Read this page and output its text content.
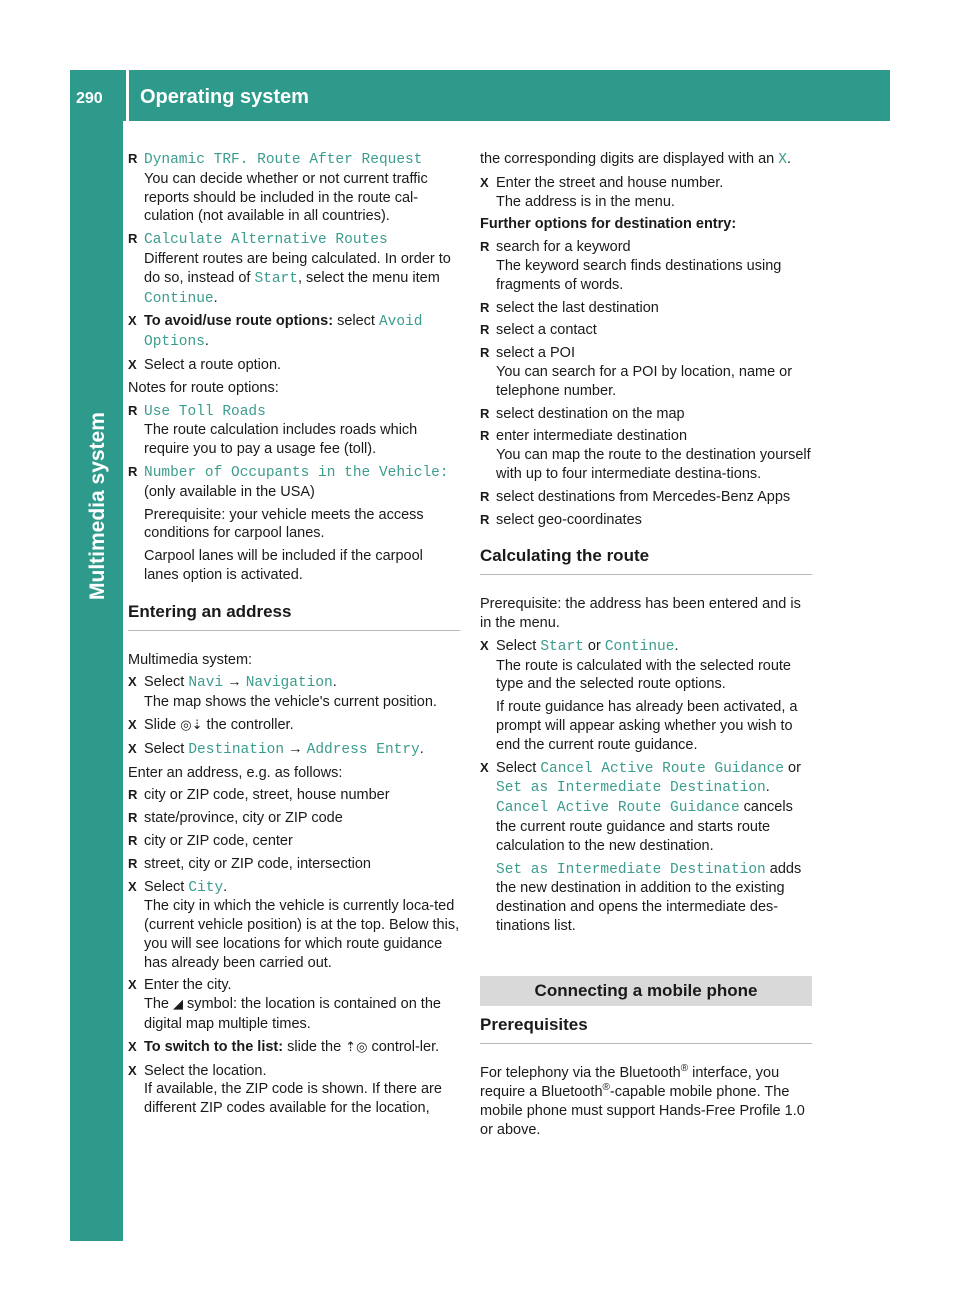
290	Operating system
Multimedia system
R Dynamic TRF. Route After Request
You can decide whether or not current traffic reports should be included in the route cal-culation (not available in all countries).
R Calculate Alternative Routes
Different routes are being calculated. In order to do so, instead of Start, select the menu item Continue.
X To avoid/use route options: select Avoid Options.
X Select a route option.

Notes for route options:

R Use Toll Roads
The route calculation includes roads which require you to pay a usage fee (toll).
R Number of Occupants in the Vehicle:
(only available in the USA)
Prerequisite: your vehicle meets the access conditions for carpool lanes.
Carpool lanes will be included if the carpool lanes option is activated.
Entering an address

Multimedia system:

X Select Navi → Navigation.
The map shows the vehicle's current position.
X Slide ◎⇣ the controller.
X Select Destination → Address Entry.

Enter an address, e.g. as follows:

R city or ZIP code, street, house number
R state/province, city or ZIP code
R city or ZIP code, center
R street, city or ZIP code, intersection
X Select City.
The city in which the vehicle is currently loca-ted (current vehicle position) is at the top. Below this, you will see locations for which route guidance has already been carried out.
X Enter the city.
The ◢ symbol: the location is contained on the digital map multiple times.
X To switch to the list: slide the ⇡◎ control-ler.
X Select the location.
If available, the ZIP code is shown. If there are different ZIP codes available for the location,

the corresponding digits are displayed with an X.

X Enter the street and house number.
The address is in the menu.

Further options for destination entry:

R search for a keyword
The keyword search finds destinations using fragments of words.
R select the last destination
R select a contact
R select a POI
You can search for a POI by location, name or telephone number.
R select destination on the map
R enter intermediate destination
You can map the route to the destination yourself with up to four intermediate destina-tions.
R select destinations from Mercedes-Benz Apps
R select geo-coordinates
Calculating the route

Prerequisite: the address has been entered and is in the menu.

X Select Start or Continue.
The route is calculated with the selected route type and the selected route options.
If route guidance has already been activated, a prompt will appear asking whether you wish to end the current route guidance.
X Select Cancel Active Route Guidance or Set as Intermediate Destination.
Cancel Active Route Guidance cancels the current route guidance and starts route calculation to the new destination.
Set as Intermediate Destination adds the new destination in addition to the existing destination and opens the intermediate des-tinations list.
Connecting a mobile phone
Prerequisites

For telephony via the Bluetooth® interface, you require a Bluetooth®-capable mobile phone. The mobile phone must support Hands-Free Profile 1.0 or above.
